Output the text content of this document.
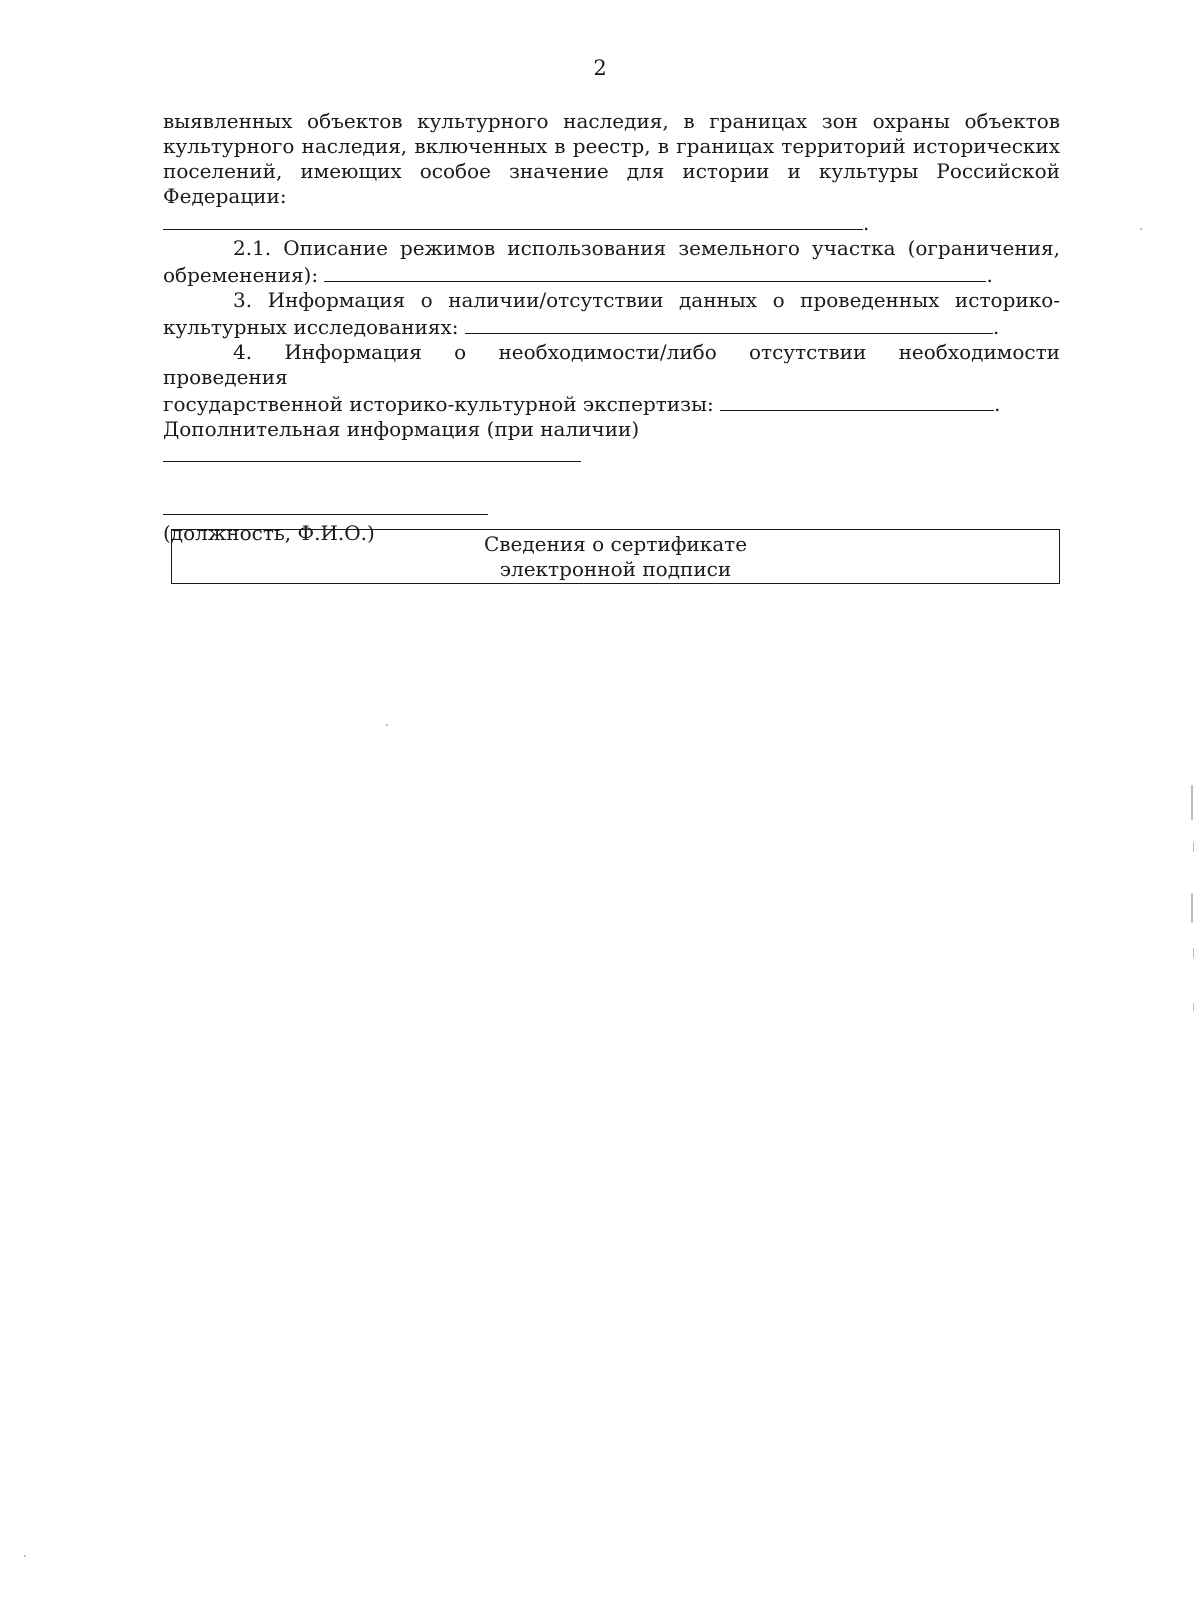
2

выявленных объектов культурного наследия, в границах зон охраны объектов

культурного наследия, включенных в реестр, в границах территорий исторических

поселений, имеющих особое значение для истории и культуры Российской Федерации:

.

2.1. Описание режимов использования земельного участка (ограничения,

обременения):	.

3. Информация о наличии/отсутствии данных о проведенных историко-

культурных исследованиях:	.

4. Информация о необходимости/либо отсутствии необходимости проведения

государственной историко-культурной экспертизы:	.

Дополнительная информация (при наличии)

(должность, Ф.И.О.)	Сведения о сертификате
электронной подписи
